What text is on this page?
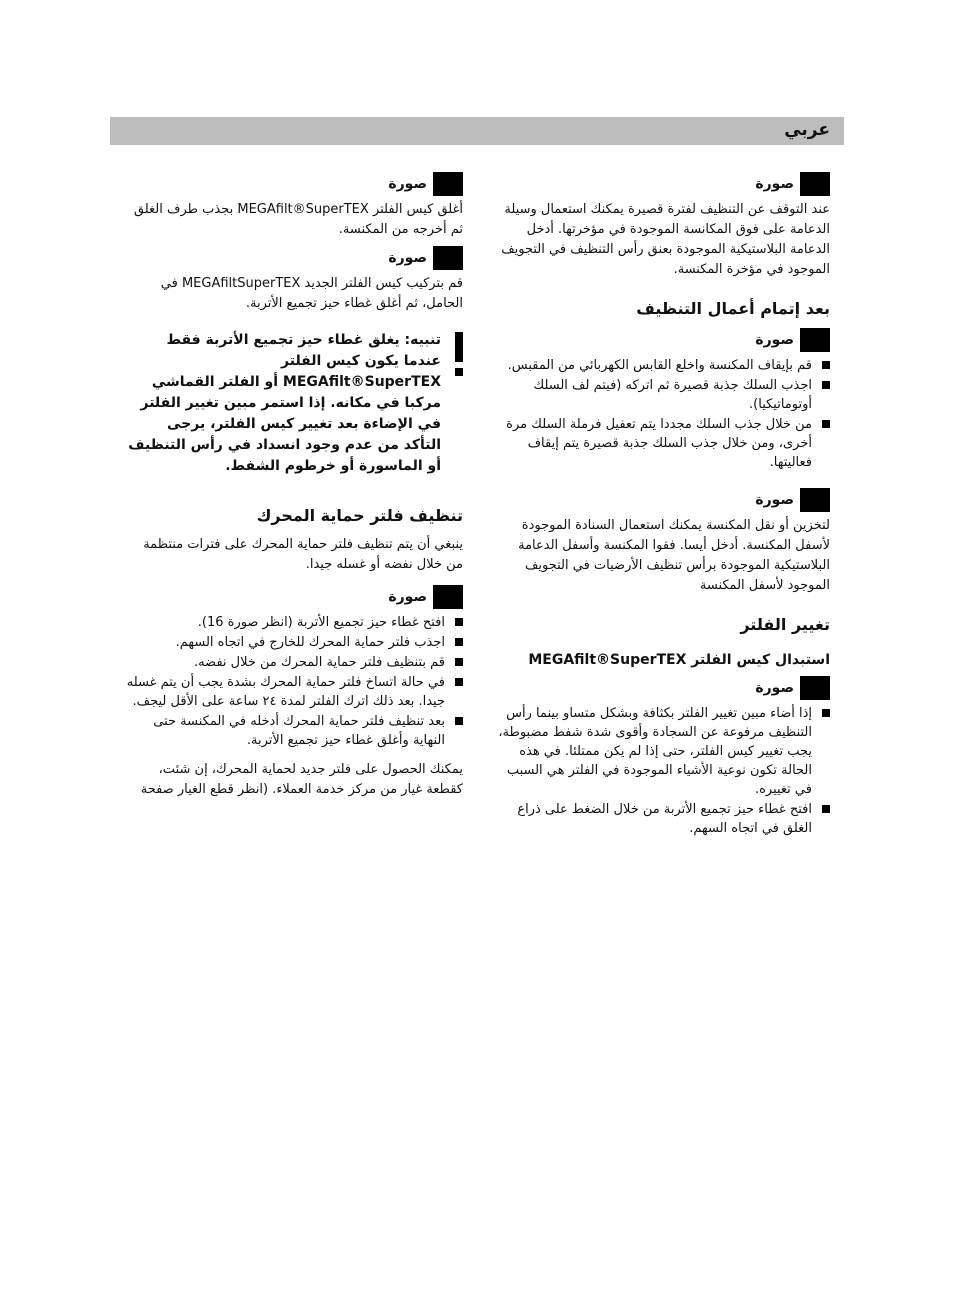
عربي
صورة

عند التوقف عن التنظيف لفترة قصيرة يمكنك استعمال وسيلة الدعامة على فوق المكانسة الموجودة في مؤخرتها. أدخل الدعامة البلاستيكية الموجودة بعنق رأس التنظيف في التجويف الموجود في مؤخرة المكنسة.

بعد إتمام أعمال التنظيف
صورة
قم بإيقاف المكنسة واخلع القابس الكهربائي من المقبس.
اجذب السلك جذبة قصيرة ثم اتركه (فيتم لف السلك أوتوماتيكيا).
من خلال جذب السلك مجددا يتم تعفيل فرملة السلك مرة أخرى، ومن خلال جذب السلك جذبة قصيرة يتم إيقاف فعاليتها.
صورة

لتخزين أو نقل المكنسة يمكنك استعمال السنادة الموجودة لأسفل المكنسة. أدخل أيسا. فقوا المكنسة وأسفل الدعامة البلاستيكية الموجودة برأس تنظيف الأرضيات في التجويف الموجود لأسفل المكنسة

تغيير الفلتر
استبدال كيس الفلتر MEGAfilt®SuperTEX
صورة
إذا أضاء مبين تغيير الفلتر بكثافة وبشكل متساو بينما رأس التنظيف مرفوعة عن السجادة وأقوى شدة شفط مضبوطة، يجب تغيير كيس الفلتر، حتى إذا لم يكن ممتلئا. في هذه الحالة تكون نوعية الأشياء الموجودة في الفلتر هي السبب في تغييره.
افتح غطاء حيز تجميع الأتربة من خلال الضغط على ذراع الغلق في اتجاه السهم.
صورة

أغلق كيس الفلتر MEGAfilt®SuperTEX بجذب طرف الغلق ثم أخرجه من المكنسة.

صورة

قم بتركيب كيس الفلتر الجديد MEGAfiltSuperTEX في الحامل، ثم أغلق غطاء حيز تجميع الأتربة.

تنبيه: يغلق غطاء حيز تجميع الأتربة فقط عندما يكون كيس الفلتر MEGAfilt®SuperTEX أو الفلتر القماشي مركبا في مكانه. إذا استمر مبين تغيير الفلتر في الإضاءة بعد تغيير كيس الفلتر، يرجى التأكد من عدم وجود انسداد في رأس التنظيف أو الماسورة أو خرطوم الشفط.
تنظيف فلتر حماية المحرك

ينبغي أن يتم تنظيف فلتر حماية المحرك على فترات منتظمة من خلال نفضه أو غسله جيدا.

صورة
افتح غطاء حيز تجميع الأتربة (انظر صورة 16).
اجذب فلتر حماية المحرك للخارج في اتجاه السهم.
قم بتنظيف فلتر حماية المحرك من خلال نفضه.
في حالة اتساخ فلتر حماية المحرك بشدة يجب أن يتم غسله جيدا. بعد ذلك اترك الفلتر لمدة ٢٤ ساعة على الأقل ليجف.
بعد تنظيف فلتر حماية المحرك أدخله في المكنسة حتى النهاية وأغلق غطاء حيز تجميع الأتربة.

يمكنك الحصول على فلتر جديد لحماية المحرك، إن شئت، كقطعة غيار من مركز خدمة العملاء. (انظر قطع الغيار صفحة
